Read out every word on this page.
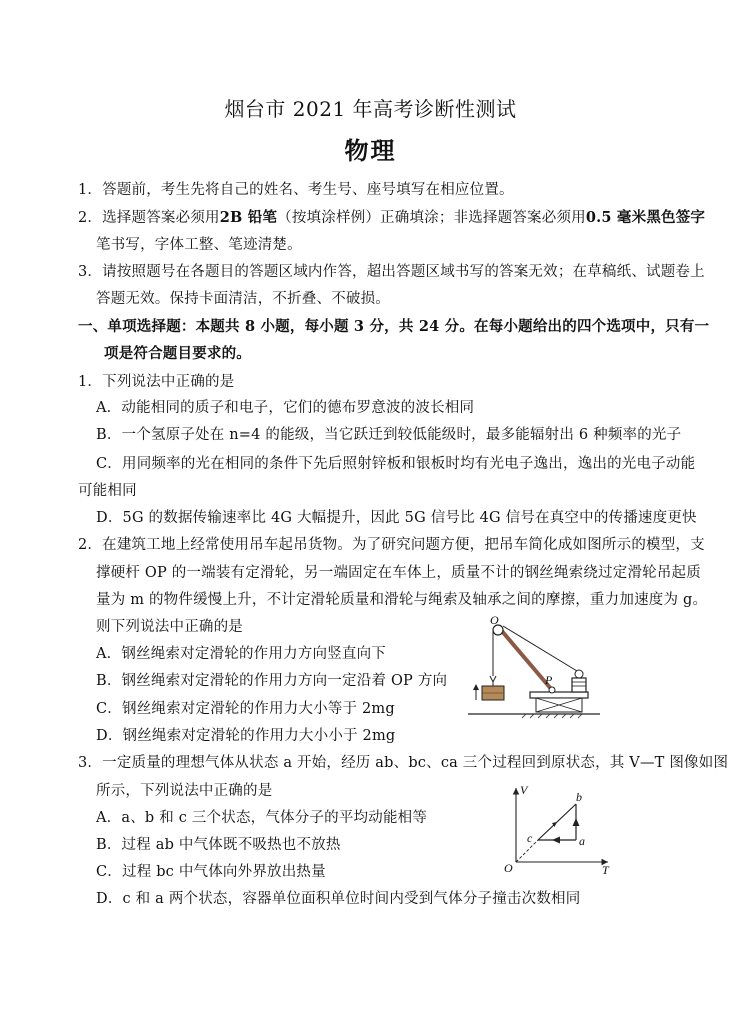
烟台市 2021 年高考诊断性测试
物理
1．答题前，考生先将自己的姓名、考生号、座号填写在相应位置。
2．选择题答案必须用2B 铅笔（按填涂样例）正确填涂；非选择题答案必须用0.5 毫米黑色签字
笔书写，字体工整、笔迹清楚。
3．请按照题号在各题目的答题区域内作答，超出答题区域书写的答案无效；在草稿纸、试题卷上
答题无效。保持卡面清洁，不折叠、不破损。
一、单项选择题：本题共 8 小题，每小题 3 分，共 24 分。在每小题给出的四个选项中，只有一
项是符合题目要求的。
1．下列说法中正确的是
A．动能相同的质子和电子，它们的德布罗意波的波长相同
B．一个氢原子处在 n=4 的能级，当它跃迁到较低能级时，最多能辐射出 6 种频率的光子
C．用同频率的光在相同的条件下先后照射锌板和银板时均有光电子逸出，逸出的光电子动能
可能相同
D．5G 的数据传输速率比 4G 大幅提升，因此 5G 信号比 4G 信号在真空中的传播速度更快
2．在建筑工地上经常使用吊车起吊货物。为了研究问题方便，把吊车简化成如图所示的模型，支
撑硬杆 OP 的一端装有定滑轮，另一端固定在车体上，质量不计的钢丝绳索绕过定滑轮吊起质
量为 m 的物件缓慢上升，不计定滑轮质量和滑轮与绳索及轴承之间的摩擦，重力加速度为 g。
则下列说法中正确的是
A．钢丝绳索对定滑轮的作用力方向竖直向下
B．钢丝绳索对定滑轮的作用力方向一定沿着 OP 方向
C．钢丝绳索对定滑轮的作用力大小等于 2mg
D．钢丝绳索对定滑轮的作用力大小小于 2mg
O
P
3．一定质量的理想气体从状态 a 开始，经历 ab、bc、ca 三个过程回到原状态，其 V—T 图像如图
所示，下列说法中正确的是
A．a、b 和 c 三个状态，气体分子的平均动能相等
B．过程 ab 中气体既不吸热也不放热
C．过程 bc 中气体向外界放出热量
D．c 和 a 两个状态，容器单位面积单位时间内受到气体分子撞击次数相同
V
T
O
a
b
c
